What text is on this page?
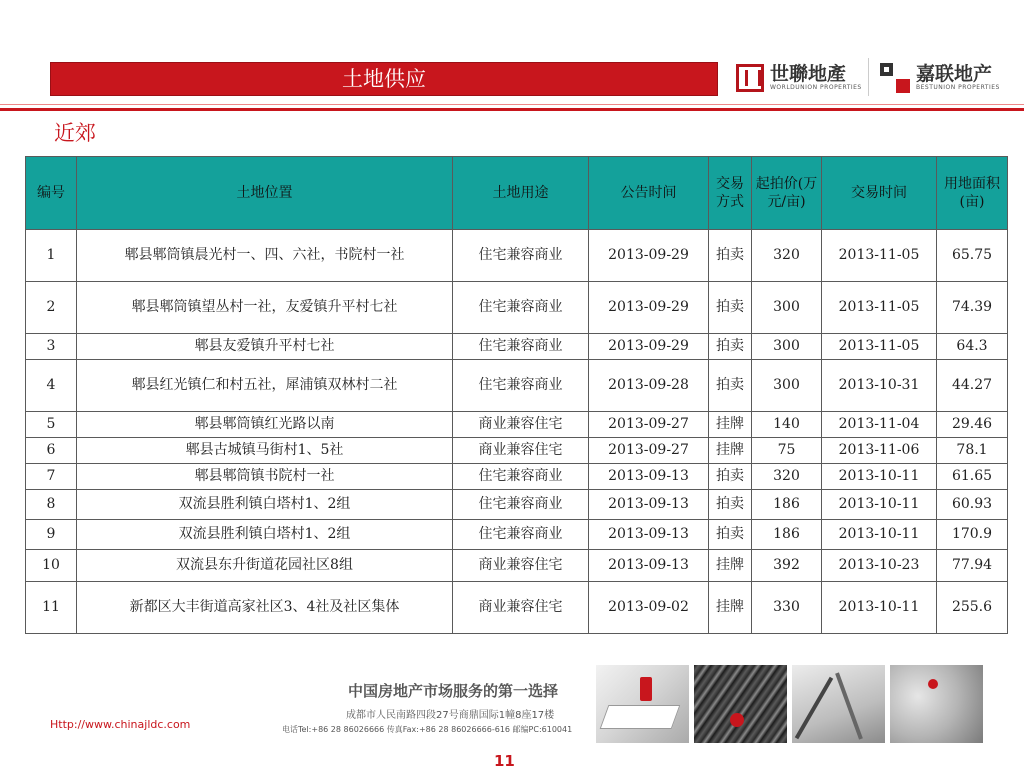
土地供应	世聯地產
WORLDUNION PROPERTIES
嘉联地产
BESTUNION PROPERTIES
近郊
编号	土地位置	土地用途	公告时间	交易方式	起拍价(万元/亩)	交易时间	用地面积(亩)
1	郫县郫筒镇晨光村一、四、六社，书院村一社	住宅兼容商业	2013-09-29	拍卖	320	2013-11-05	65.75
2	郫县郫筒镇望丛村一社，友爱镇升平村七社	住宅兼容商业	2013-09-29	拍卖	300	2013-11-05	74.39
3	郫县友爱镇升平村七社	住宅兼容商业	2013-09-29	拍卖	300	2013-11-05	64.3
4	郫县红光镇仁和村五社，犀浦镇双林村二社	住宅兼容商业	2013-09-28	拍卖	300	2013-10-31	44.27
5	郫县郫筒镇红光路以南	商业兼容住宅	2013-09-27	挂牌	140	2013-11-04	29.46
6	郫县古城镇马街村1、5社	商业兼容住宅	2013-09-27	挂牌	75	2013-11-06	78.1
7	郫县郫筒镇书院村一社	住宅兼容商业	2013-09-13	拍卖	320	2013-10-11	61.65
8	双流县胜利镇白塔村1、2组	住宅兼容商业	2013-09-13	拍卖	186	2013-10-11	60.93
9	双流县胜利镇白塔村1、2组	住宅兼容商业	2013-09-13	拍卖	186	2013-10-11	170.9
10	双流县东升街道花园社区8组	商业兼容住宅	2013-09-13	挂牌	392	2013-10-23	77.94
11	新都区大丰街道高家社区3、4社及社区集体	商业兼容住宅	2013-09-02	挂牌	330	2013-10-11	255.6
中国房地产市场服务的第一选择
成都市人民南路四段27号商鼎国际1幢8座17楼
电话Tel:+86 28 86026666 传真Fax:+86 28 86026666-616 邮编PC:610041
Http://www.chinajldc.com
11
